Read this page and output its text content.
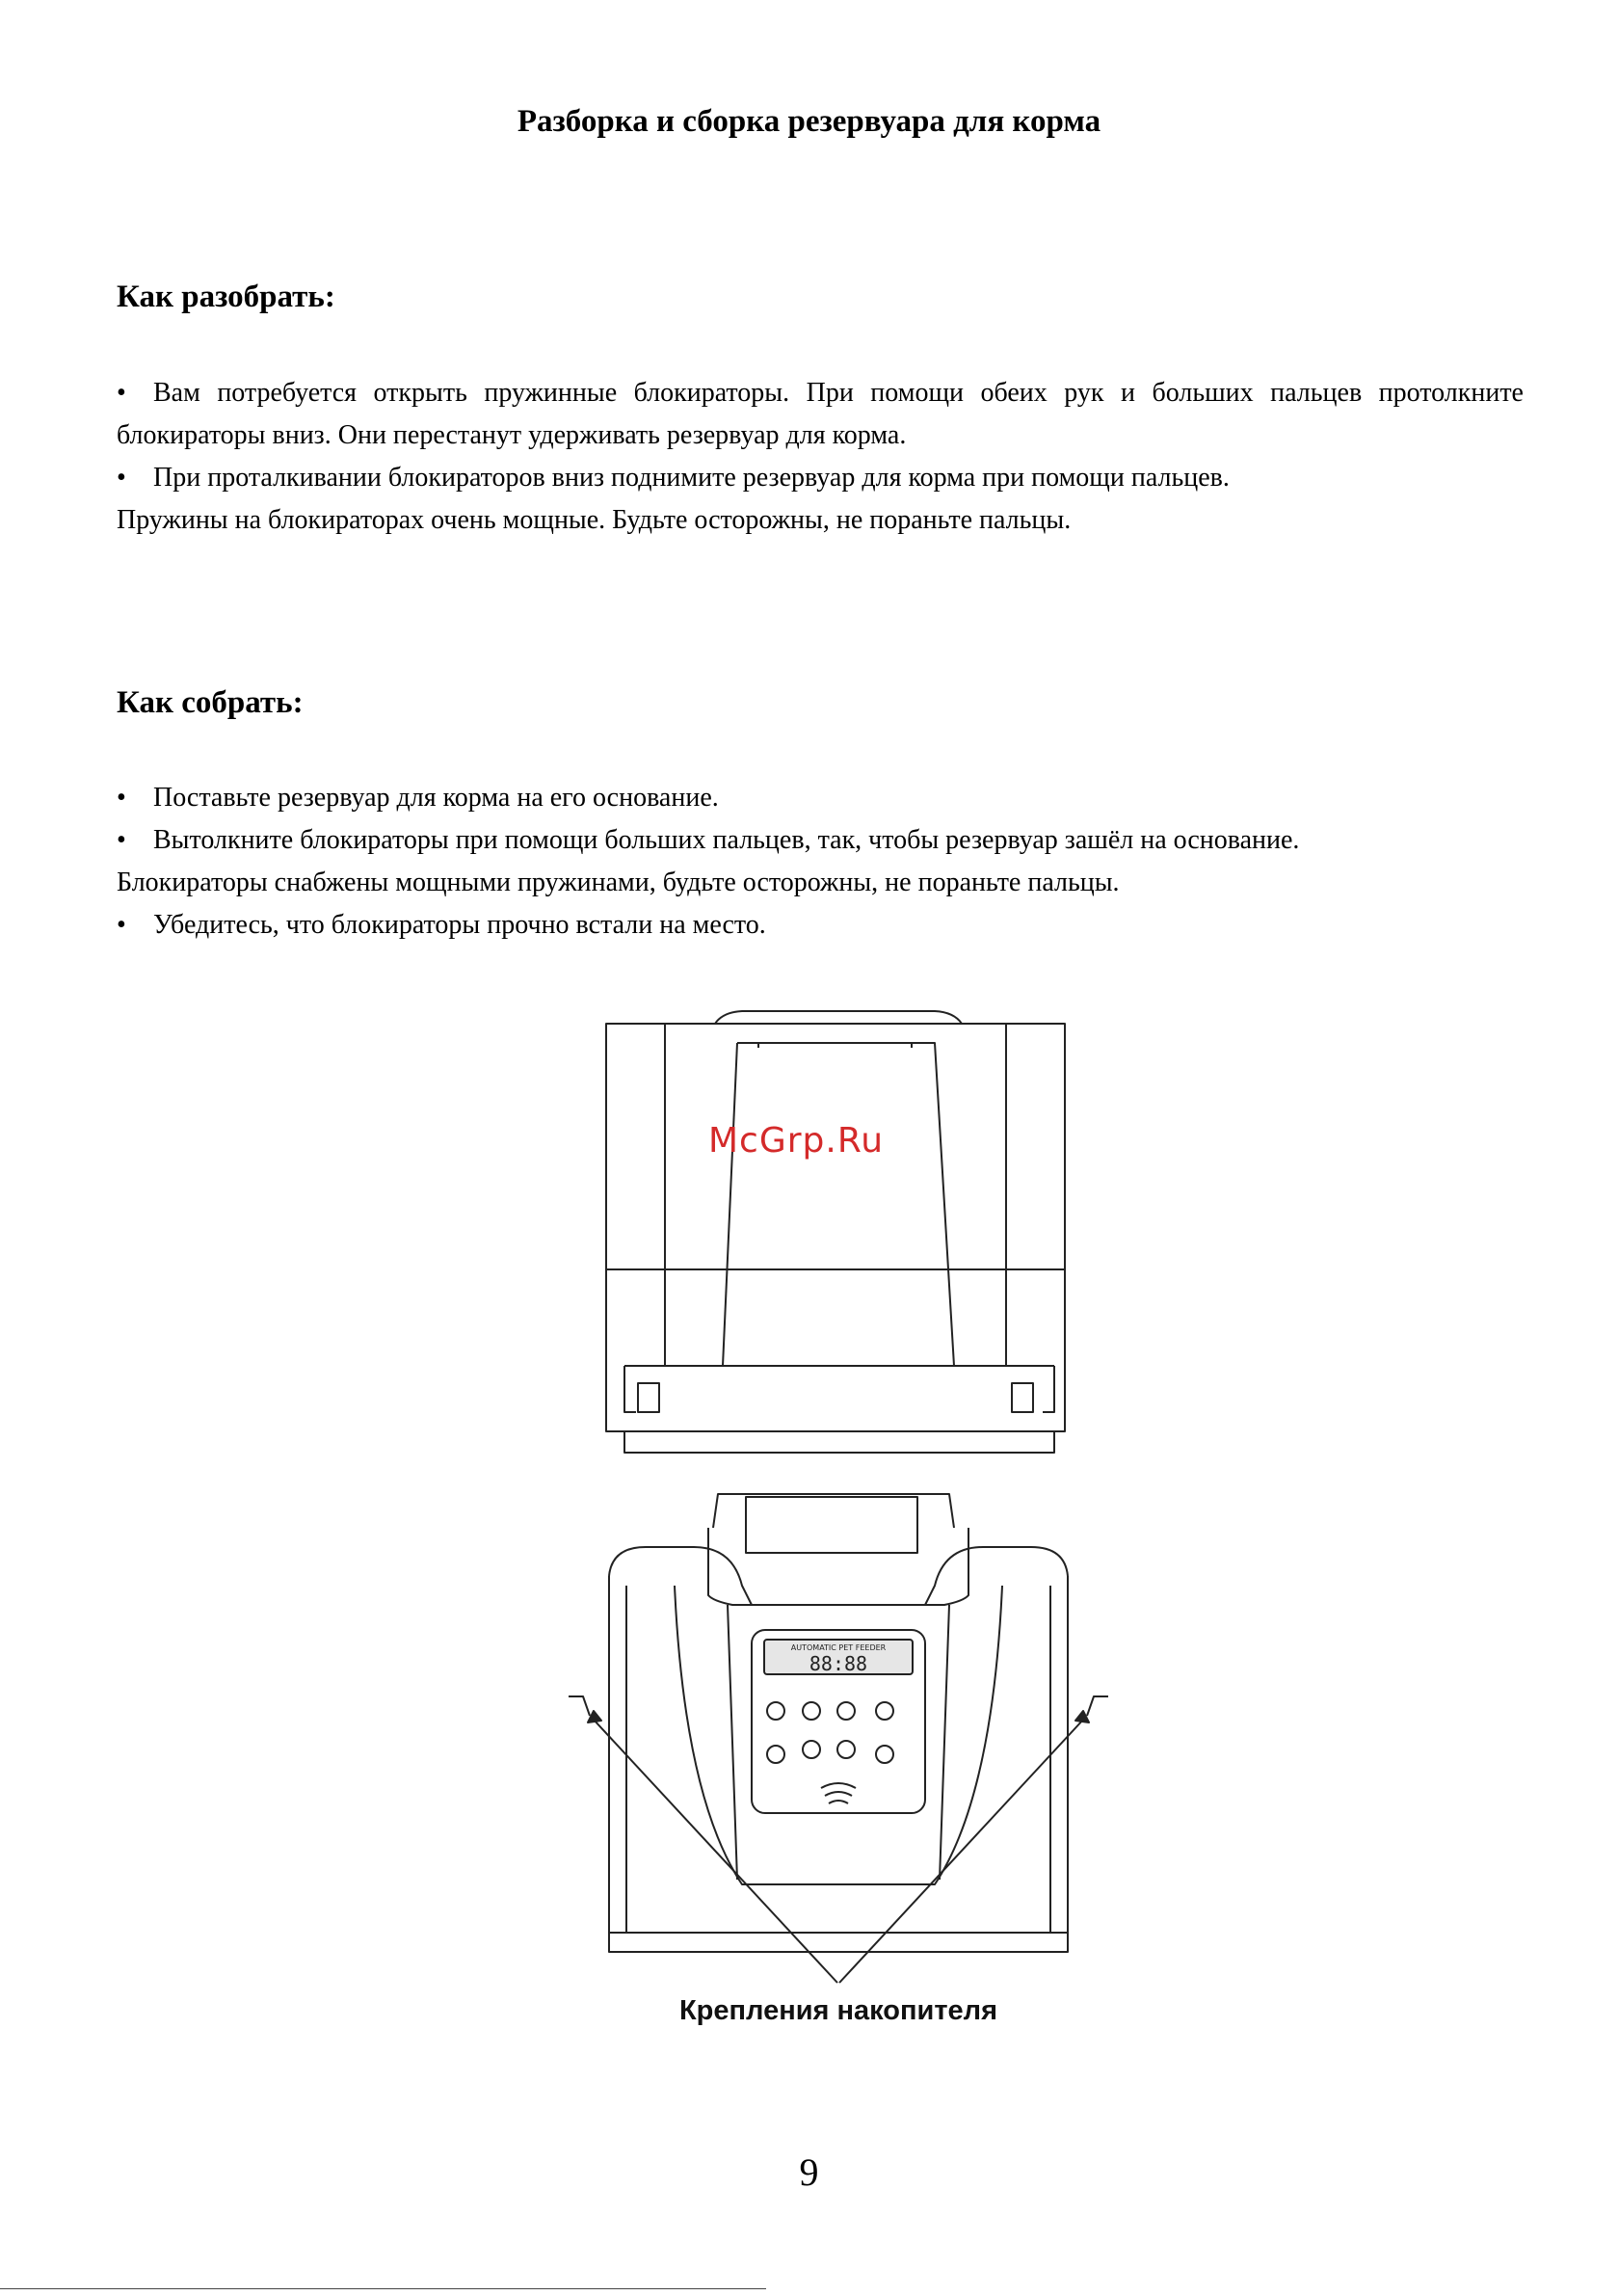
Разборка и сборка резервуара для корма
Как разобрать:

• Вам потребуется открыть пружинные блокираторы. При помощи обеих рук и больших пальцев протолкните блокираторы вниз. Они перестанут удерживать резервуар для корма.

• При проталкивании блокираторов вниз поднимите резервуар для корма при помощи пальцев.

Пружины на блокираторах очень мощные. Будьте осторожны, не пораньте пальцы.

Как собрать:

• Поставьте резервуар для корма на его основание.

• Вытолкните блокираторы при помощи больших пальцев, так, чтобы резервуар зашёл на основание.

Блокираторы снабжены мощными пружинами, будьте осторожны, не пораньте пальцы.

• Убедитесь, что блокираторы прочно встали на место.

AUTOMATIC PET FEEDER
88:88
Крепления накопителя
McGrp.Ru
9
